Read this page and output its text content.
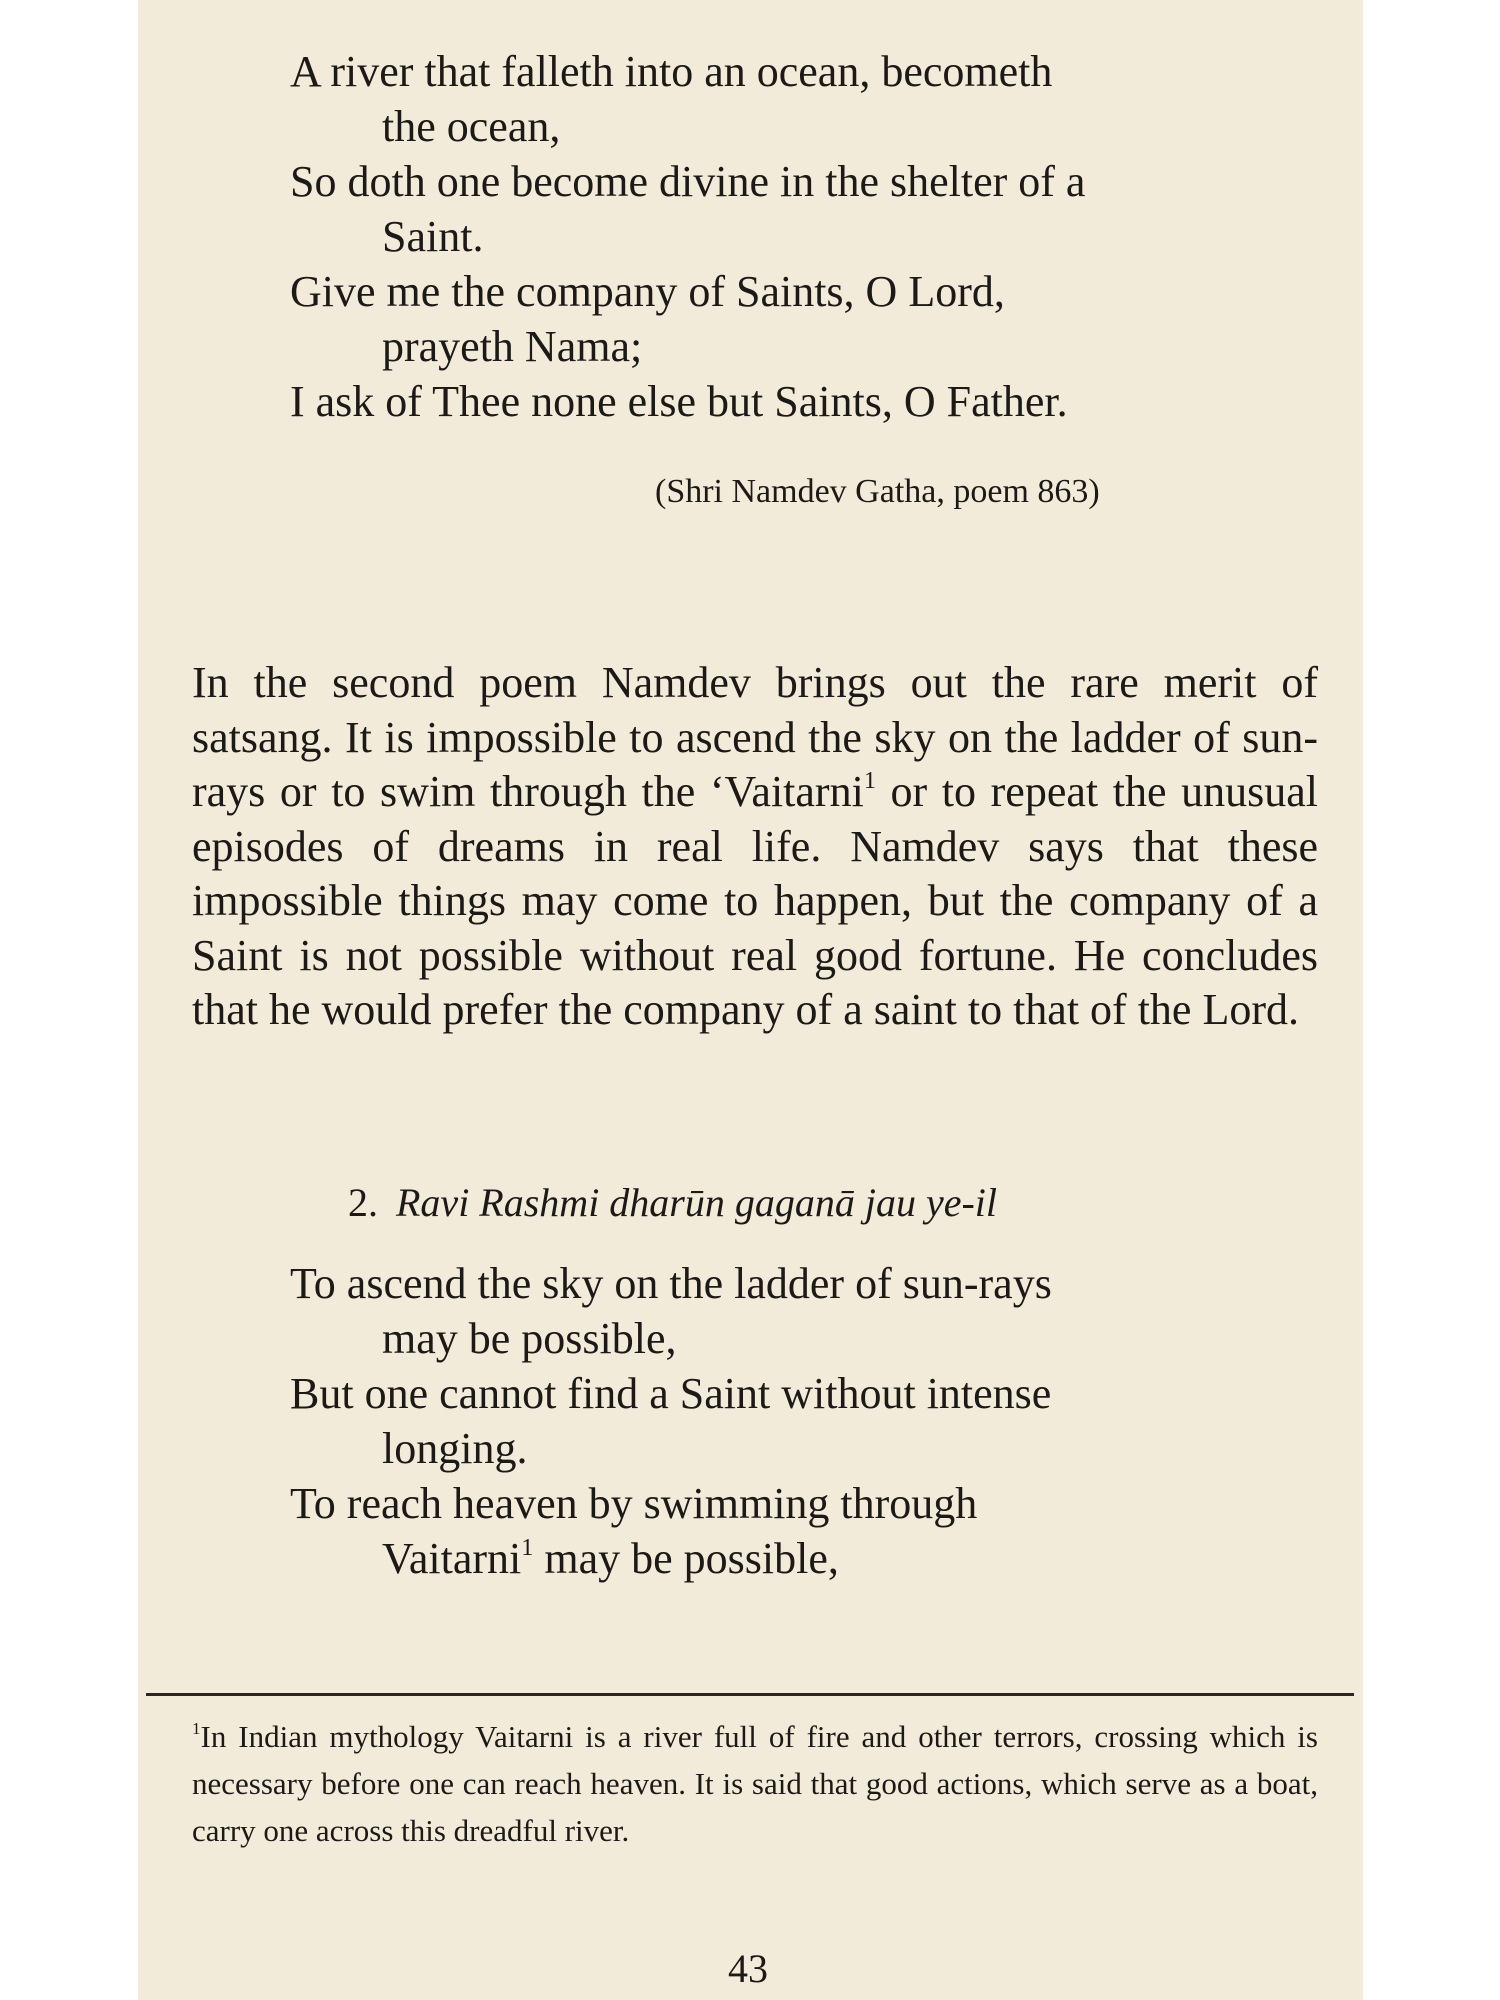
A river that falleth into an ocean, becometh

the ocean,

So doth one become divine in the shelter of a

Saint.

Give me the company of Saints, O Lord,

prayeth Nama;

I ask of Thee none else but Saints, O Father.

(Shri Namdev Gatha, poem 863)

In the second poem Namdev brings out the rare merit of satsang. It is impossible to ascend the sky on the ladder of sun-rays or to swim through the ‘Vaitarni$^1$ or to repeat the unusual episodes of dreams in real life. Namdev says that these impossible things may come to happen, but the company of a Saint is not possible without real good fortune. He concludes that he would prefer the company of a saint to that of the Lord.

2. Ravi Rashmi dharūn gaganā jau ye-il

To ascend the sky on the ladder of sun-rays

may be possible,

But one cannot find a Saint without intense

longing.

To reach heaven by swimming through

Vaitarni$^1$ may be possible,

$^1$In Indian mythology Vaitarni is a river full of fire and other terrors, crossing which is necessary before one can reach heaven. It is said that good actions, which serve as a boat, carry one across this dreadful river.

43
